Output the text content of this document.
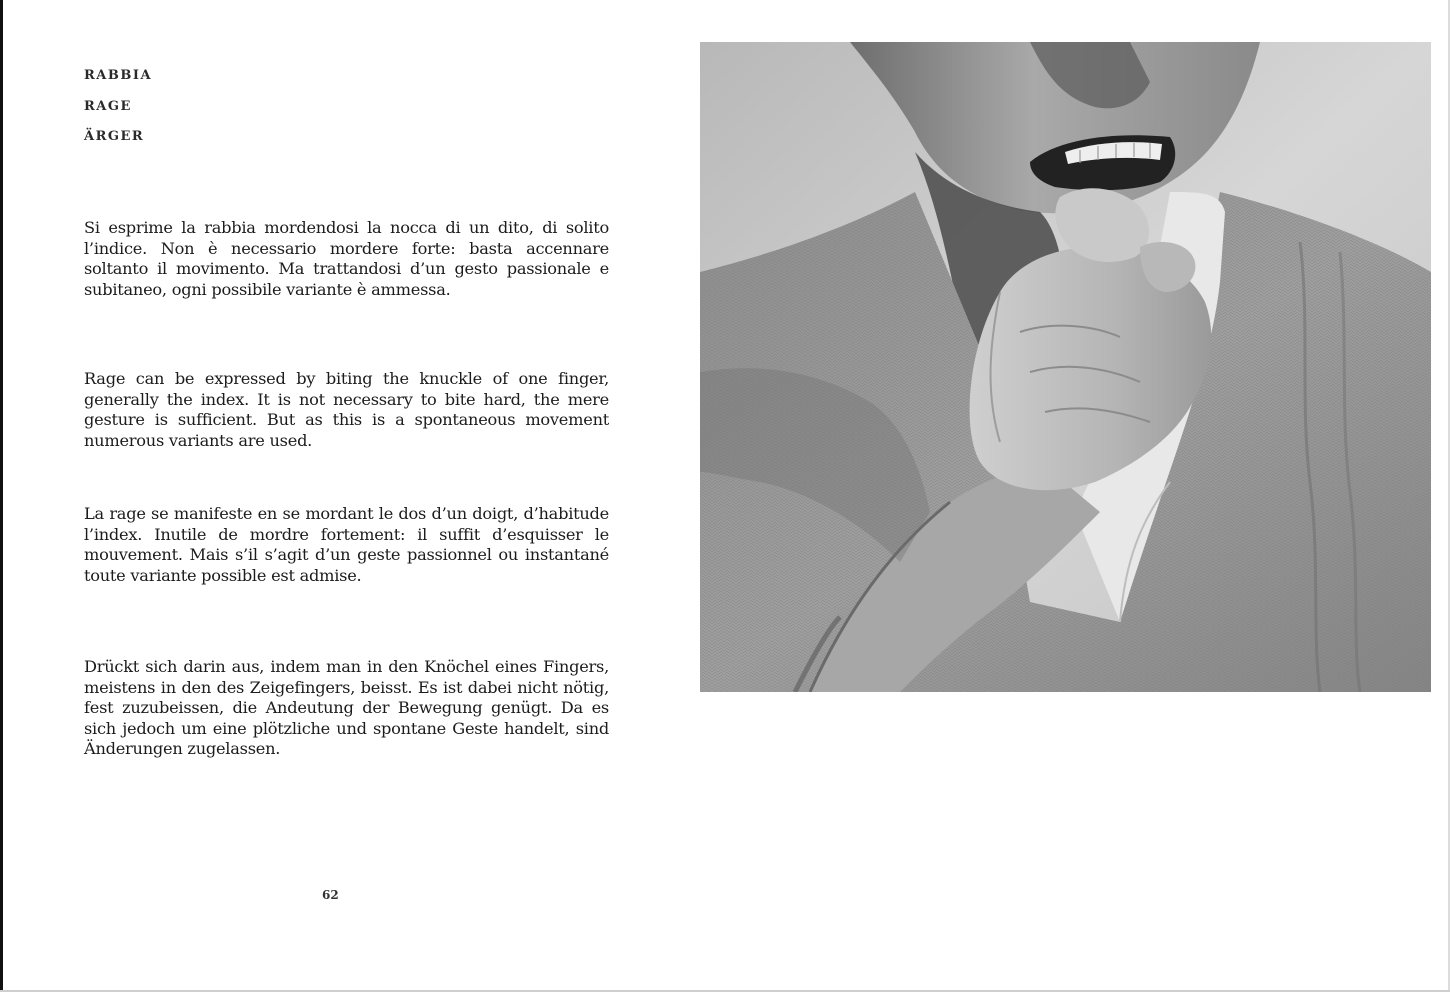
RABBIA
RAGE
ÄRGER

Si esprime la rabbia mordendosi la nocca di un dito, di solito l’indice. Non è necessario mordere forte: basta accennare soltanto il movimento. Ma trattandosi d’un gesto passionale e subitaneo, ogni possibile variante è ammessa.

Rage can be expressed by biting the knuckle of one finger, generally the index. It is not necessary to bite hard, the mere gesture is sufficient. But as this is a spontaneous movement numerous variants are used.

La rage se manifeste en se mordant le dos d’un doigt, d’habitude l’index. Inutile de mordre fortement: il suffit d’esquisser le mouvement. Mais s’il s’agit d’un geste passionnel ou instantané toute variante possible est admise.

Drückt sich darin aus, indem man in den Knöchel eines Fingers, meistens in den des Zeigefingers, beisst. Es ist dabei nicht nötig, fest zuzubeissen, die Andeutung der Bewegung genügt. Da es sich jedoch um eine plötzliche und spontane Geste handelt, sind Änderungen zugelassen.

62
